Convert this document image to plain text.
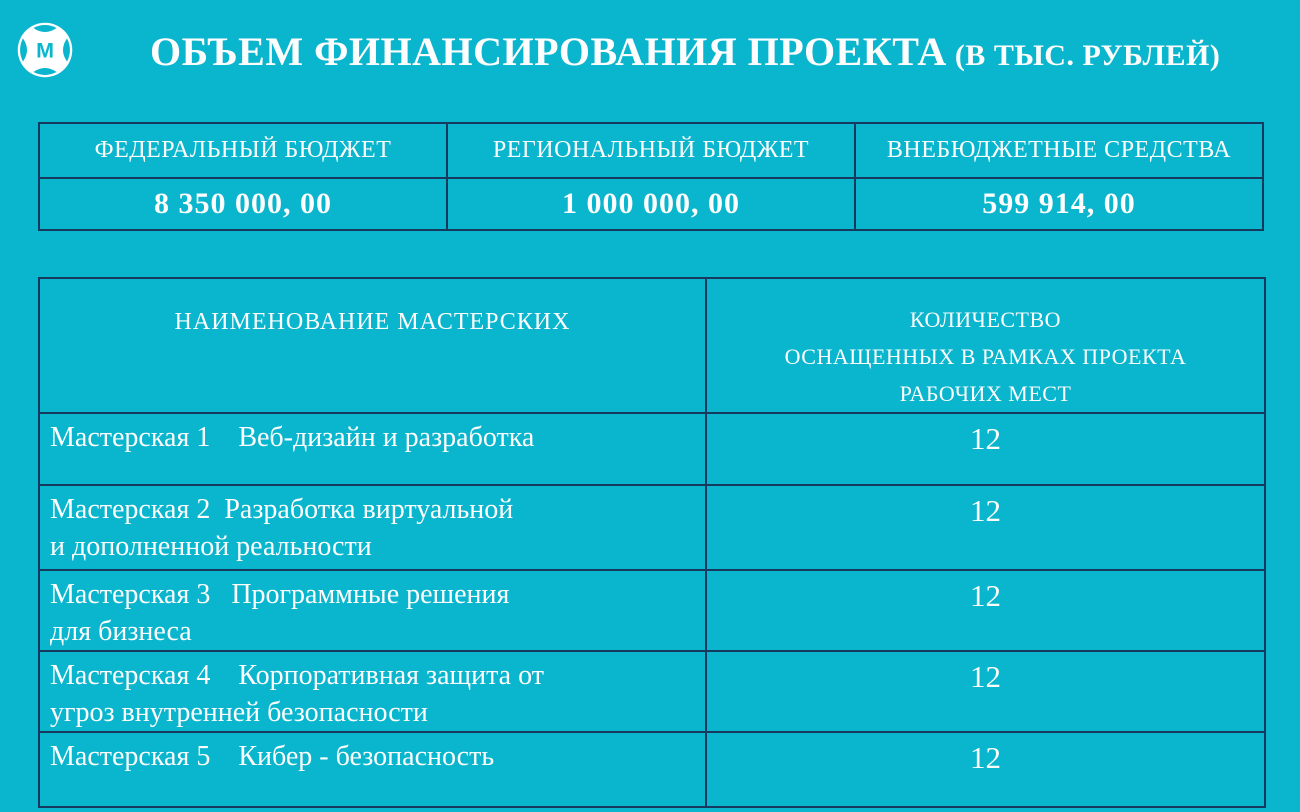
M ОБЪЕМ ФИНАНСИРОВАНИЯ ПРОЕКТА (В ТЫС. РУБЛЕЙ)
ФЕДЕРАЛЬНЫЙ БЮДЖЕТ	РЕГИОНАЛЬНЫЙ БЮДЖЕТ	ВНЕБЮДЖЕТНЫЕ СРЕДСТВА
8 350 000, 00	1 000 000, 00	599 914, 00
НАИМЕНОВАНИЕ МАСТЕРСКИХ	КОЛИЧЕСТВО
ОСНАЩЕННЫХ В РАМКАХ ПРОЕКТА
РАБОЧИХ МЕСТ

Мастерская 1    Веб-дизайн и разработка	12

Мастерская 2  Разработка виртуальной
и дополненной реальности	12

Мастерская 3   Программные решения
для бизнеса	12

Мастерская 4    Корпоративная защита от
угроз внутренней безопасности	12

Мастерская 5    Кибер - безопасность	12
